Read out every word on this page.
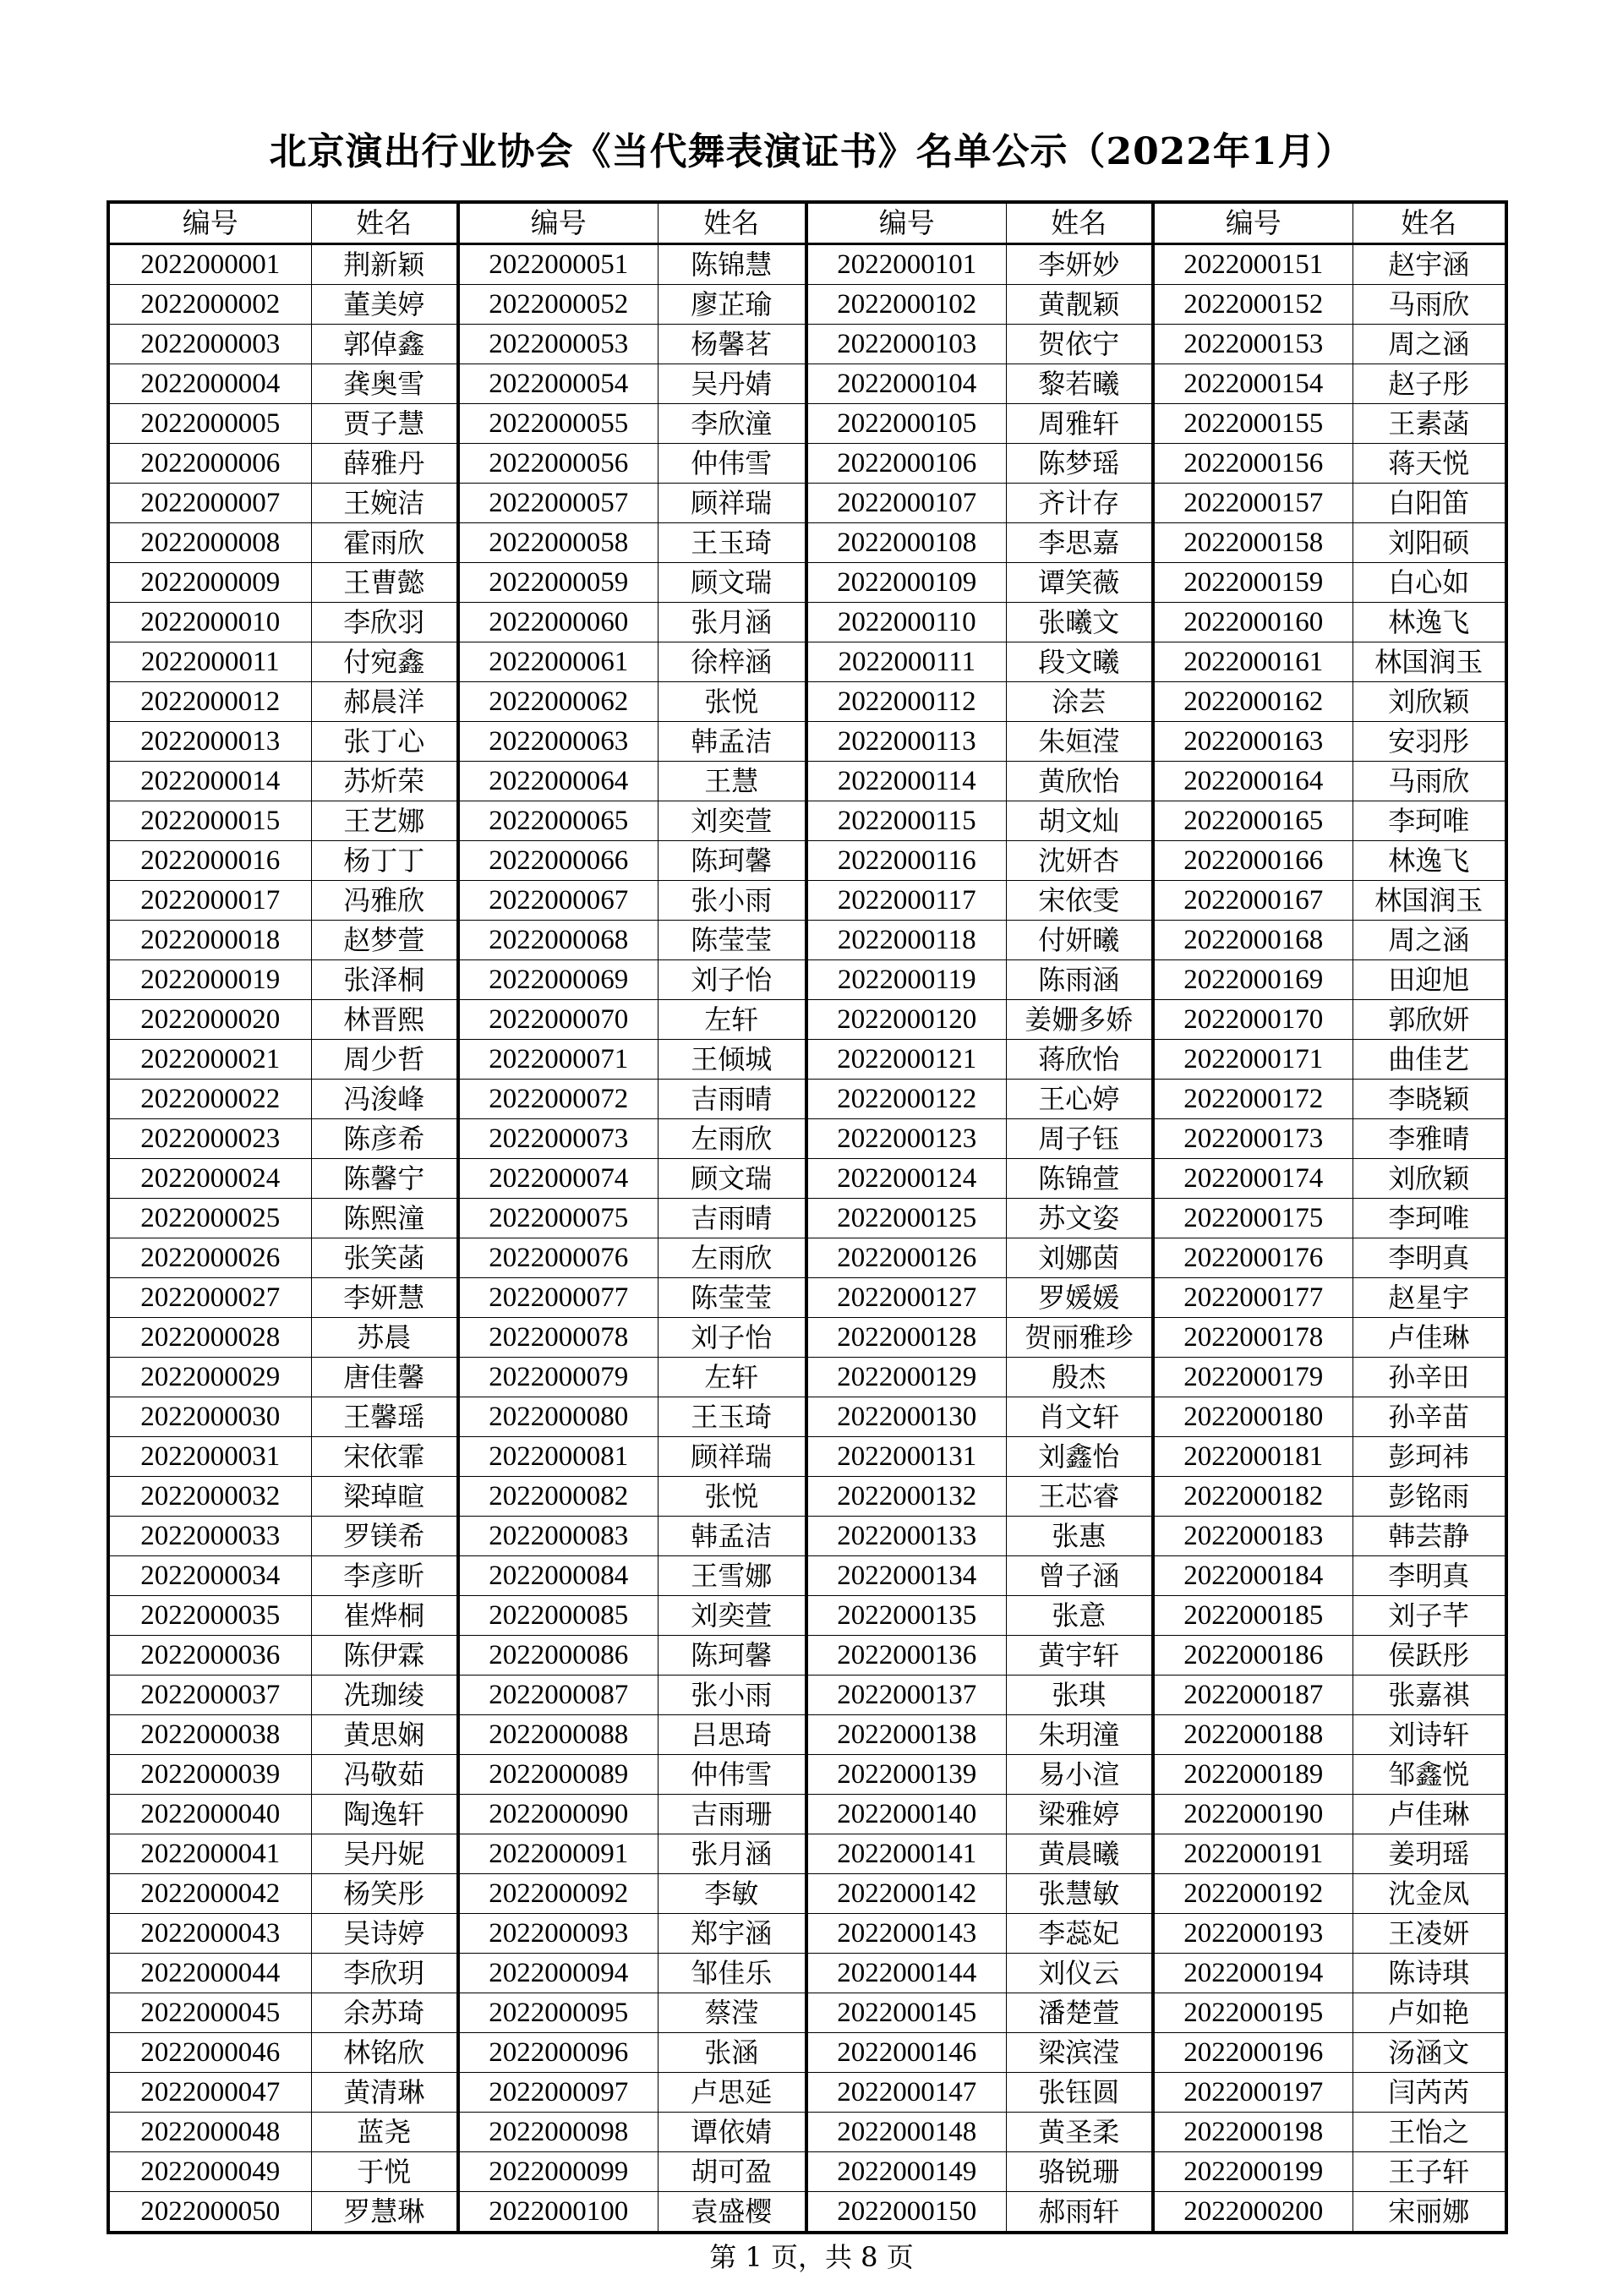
北京演出行业协会《当代舞表演证书》名单公示（2022年1月）
编号	姓名	编号	姓名	编号	姓名	编号	姓名
2022000001	荆新颖	2022000051	陈锦慧	2022000101	李妍妙	2022000151	赵宇涵
2022000002	董美婷	2022000052	廖芷瑜	2022000102	黄靓颖	2022000152	马雨欣
2022000003	郭倬鑫	2022000053	杨馨茗	2022000103	贺依宁	2022000153	周之涵
2022000004	龚奥雪	2022000054	吴丹婧	2022000104	黎若曦	2022000154	赵子彤
2022000005	贾子慧	2022000055	李欣潼	2022000105	周雅轩	2022000155	王素菡
2022000006	薛雅丹	2022000056	仲伟雪	2022000106	陈梦瑶	2022000156	蒋天悦
2022000007	王婉洁	2022000057	顾祥瑞	2022000107	齐计存	2022000157	白阳笛
2022000008	霍雨欣	2022000058	王玉琦	2022000108	李思嘉	2022000158	刘阳硕
2022000009	王曹懿	2022000059	顾文瑞	2022000109	谭笑薇	2022000159	白心如
2022000010	李欣羽	2022000060	张月涵	2022000110	张曦文	2022000160	林逸飞
2022000011	付宛鑫	2022000061	徐梓涵	2022000111	段文曦	2022000161	林国润玉
2022000012	郝晨洋	2022000062	张悦	2022000112	涂芸	2022000162	刘欣颖
2022000013	张丁心	2022000063	韩孟洁	2022000113	朱姮滢	2022000163	安羽彤
2022000014	苏炘荣	2022000064	王慧	2022000114	黄欣怡	2022000164	马雨欣
2022000015	王艺娜	2022000065	刘奕萱	2022000115	胡文灿	2022000165	李珂唯
2022000016	杨丁丁	2022000066	陈珂馨	2022000116	沈妍杏	2022000166	林逸飞
2022000017	冯雅欣	2022000067	张小雨	2022000117	宋依雯	2022000167	林国润玉
2022000018	赵梦萱	2022000068	陈莹莹	2022000118	付妍曦	2022000168	周之涵
2022000019	张泽桐	2022000069	刘子怡	2022000119	陈雨涵	2022000169	田迎旭
2022000020	林晋熙	2022000070	左轩	2022000120	姜姗多娇	2022000170	郭欣妍
2022000021	周少哲	2022000071	王倾城	2022000121	蒋欣怡	2022000171	曲佳艺
2022000022	冯浚峰	2022000072	吉雨晴	2022000122	王心婷	2022000172	李晓颖
2022000023	陈彦希	2022000073	左雨欣	2022000123	周子钰	2022000173	李雅晴
2022000024	陈馨宁	2022000074	顾文瑞	2022000124	陈锦萱	2022000174	刘欣颖
2022000025	陈熙潼	2022000075	吉雨晴	2022000125	苏文姿	2022000175	李珂唯
2022000026	张笑菡	2022000076	左雨欣	2022000126	刘娜茵	2022000176	李明真
2022000027	李妍慧	2022000077	陈莹莹	2022000127	罗媛媛	2022000177	赵星宇
2022000028	苏晨	2022000078	刘子怡	2022000128	贺丽雅珍	2022000178	卢佳琳
2022000029	唐佳馨	2022000079	左轩	2022000129	殷杰	2022000179	孙辛田
2022000030	王馨瑶	2022000080	王玉琦	2022000130	肖文轩	2022000180	孙辛苗
2022000031	宋依霏	2022000081	顾祥瑞	2022000131	刘鑫怡	2022000181	彭珂祎
2022000032	梁琸暄	2022000082	张悦	2022000132	王芯睿	2022000182	彭铭雨
2022000033	罗镁希	2022000083	韩孟洁	2022000133	张惠	2022000183	韩芸静
2022000034	李彦昕	2022000084	王雪娜	2022000134	曾子涵	2022000184	李明真
2022000035	崔烨桐	2022000085	刘奕萱	2022000135	张意	2022000185	刘子芊
2022000036	陈伊霖	2022000086	陈珂馨	2022000136	黄宇轩	2022000186	侯跃彤
2022000037	冼珈绫	2022000087	张小雨	2022000137	张琪	2022000187	张嘉祺
2022000038	黄思娴	2022000088	吕思琦	2022000138	朱玥潼	2022000188	刘诗轩
2022000039	冯敬茹	2022000089	仲伟雪	2022000139	易小渲	2022000189	邹鑫悦
2022000040	陶逸轩	2022000090	吉雨珊	2022000140	梁雅婷	2022000190	卢佳琳
2022000041	吴丹妮	2022000091	张月涵	2022000141	黄晨曦	2022000191	姜玥瑶
2022000042	杨笑彤	2022000092	李敏	2022000142	张慧敏	2022000192	沈金凤
2022000043	吴诗婷	2022000093	郑宇涵	2022000143	李蕊妃	2022000193	王凌妍
2022000044	李欣玥	2022000094	邹佳乐	2022000144	刘仪云	2022000194	陈诗琪
2022000045	余苏琦	2022000095	蔡滢	2022000145	潘楚萱	2022000195	卢如艳
2022000046	林铭欣	2022000096	张涵	2022000146	梁滨滢	2022000196	汤涵文
2022000047	黄清琳	2022000097	卢思延	2022000147	张钰圆	2022000197	闫芮芮
2022000048	蓝尧	2022000098	谭依婧	2022000148	黄圣柔	2022000198	王怡之
2022000049	于悦	2022000099	胡可盈	2022000149	骆锐珊	2022000199	王子轩
2022000050	罗慧琳	2022000100	袁盛樱	2022000150	郝雨轩	2022000200	宋丽娜
第 1 页，共 8 页
